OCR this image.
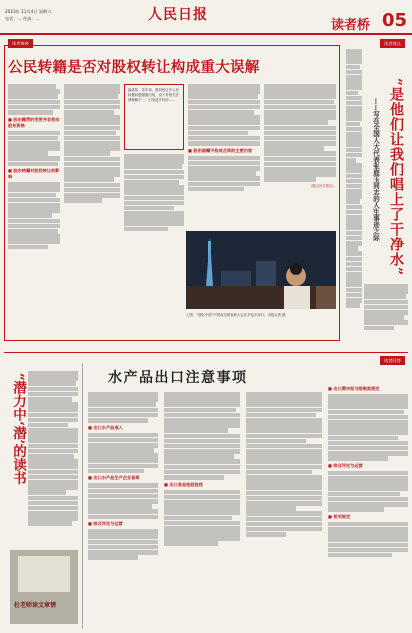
2023年 11月4日 星期六
电话：… 传真：…	人民日报
读者桥 05
读者调查
公民转籍是否对股权转让构成重大误解
■ 股东籍贯的变更并非变动股东资格
■ 股东转籍对股权转让的影响
编者按：近年来，股权转让中公民转籍问题屡屡出现，由于对相关法律理解不一，引发诸多纠纷……
■ 股东国籍不构成合同的主要内容
（据人民日报社）
上图：“国际中国”中国成功被表彰大会在多伦多举行。本报记者 摄
读者观点
“是他们让我们唱上了干净水”
——写在全国人大代表张庭玉同志的人生事迹之际
“潜力中‘潜’的读书
杜老师读文章情
读者问答
水产品出口注意事项
■ 出口水产品准入
■ 出口水产品生产企业备案
■ 综合评定与运营
■ 出口食品检验检疫
■ 出口需申报与限制类规定
■ 综合评定与运营
■ 相关规定
